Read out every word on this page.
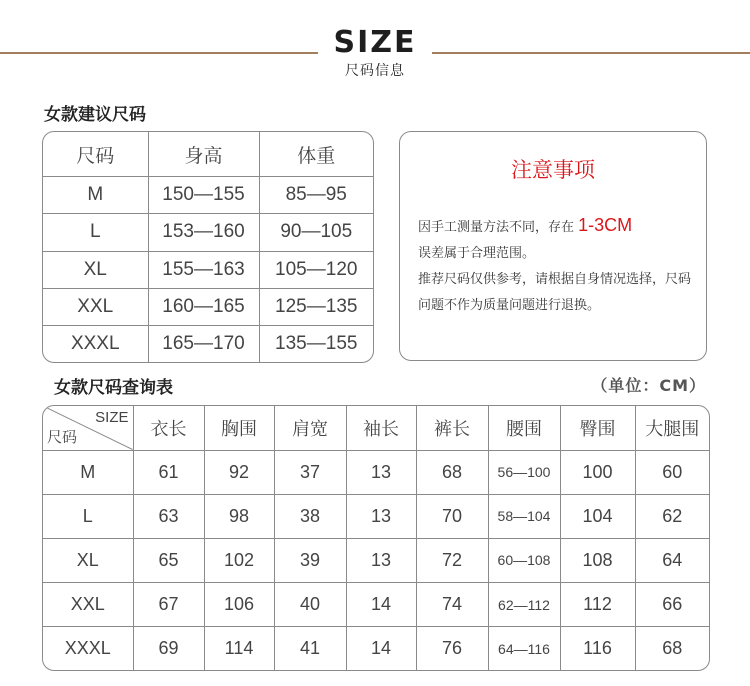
SIZE
尺码信息
女款建议尺码
尺码	身高	体重
M	150—155	85—95
L	153—160	90—105
XL	155—163	105—120
XXL	160—165	125—135
XXXL	165—170	135—155
注意事项
因手工测量方法不同，存在 1-3CM
误差属于合理范围。
推荐尺码仅供参考，请根据自身情况选择，尺码问题不作为质量问题进行退换。
女款尺码查询表	（单位：CM）
SIZE
尺码	衣长	胸围	肩宽	袖长	裤长	腰围	臀围	大腿围
M	61	92	37	13	68	56—100	100	60
L	63	98	38	13	70	58—104	104	62
XL	65	102	39	13	72	60—108	108	64
XXL	67	106	40	14	74	62—112	112	66
XXXL	69	114	41	14	76	64—116	116	68
